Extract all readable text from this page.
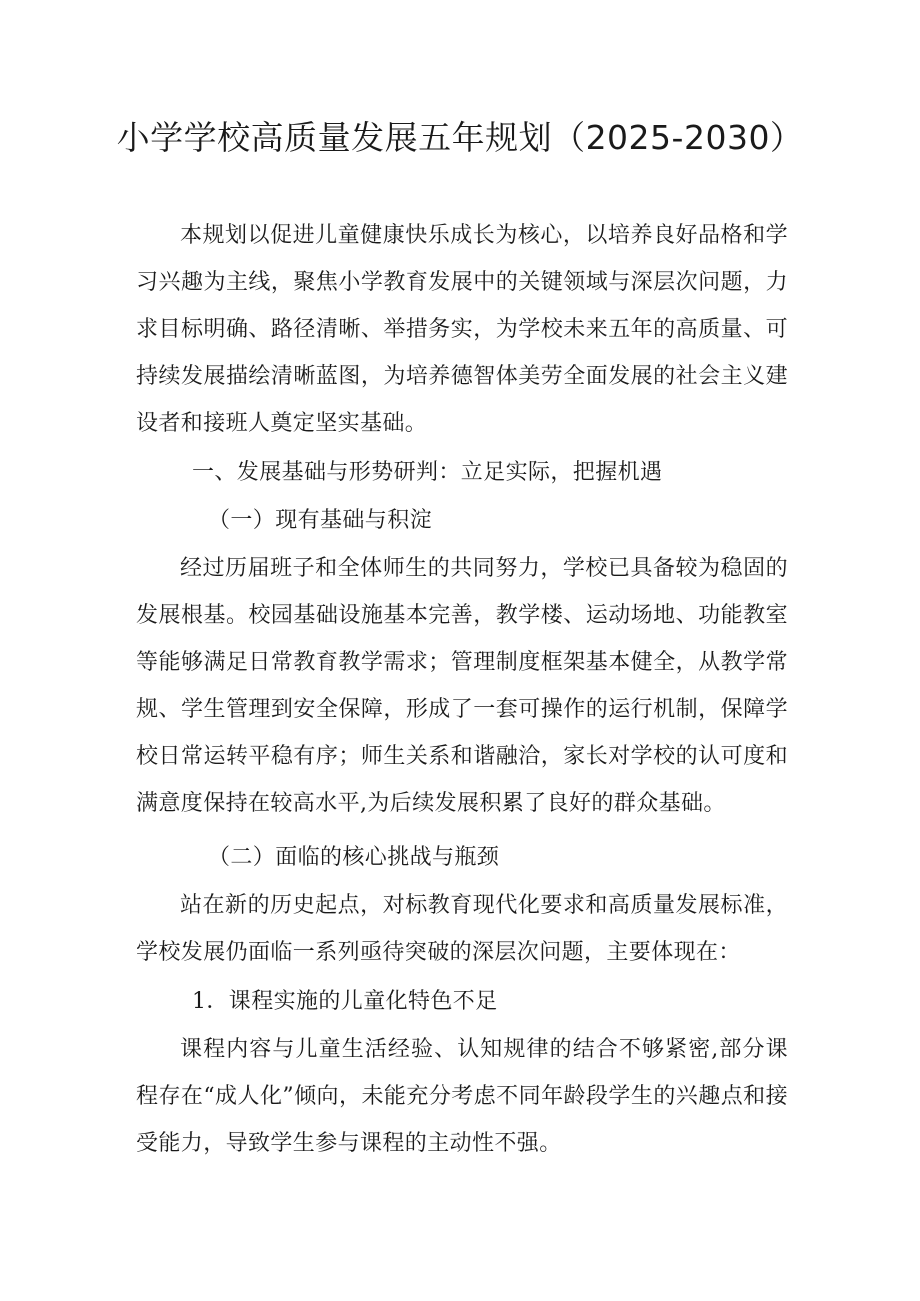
小学学校高质量发展五年规划（2025-2030）

本规划以促进儿童健康快乐成长为核心，以培养良好品格和学习兴趣为主线，聚焦小学教育发展中的关键领域与深层次问题，力求目标明确、路径清晰、举措务实，为学校未来五年的高质量、可持续发展描绘清晰蓝图，为培养德智体美劳全面发展的社会主义建设者和接班人奠定坚实基础。

一、发展基础与形势研判：立足实际，把握机遇

（一）现有基础与积淀

经过历届班子和全体师生的共同努力，学校已具备较为稳固的发展根基。校园基础设施基本完善，教学楼、运动场地、功能教室等能够满足日常教育教学需求；管理制度框架基本健全，从教学常规、学生管理到安全保障，形成了一套可操作的运行机制，保障学校日常运转平稳有序；师生关系和谐融洽，家长对学校的认可度和满意度保持在较高水平,为后续发展积累了良好的群众基础。

（二）面临的核心挑战与瓶颈

站在新的历史起点，对标教育现代化要求和高质量发展标准，学校发展仍面临一系列亟待突破的深层次问题，主要体现在：

1．课程实施的儿童化特色不足

课程内容与儿童生活经验、认知规律的结合不够紧密,部分课程存在“成人化”倾向，未能充分考虑不同年龄段学生的兴趣点和接受能力，导致学生参与课程的主动性不强。
